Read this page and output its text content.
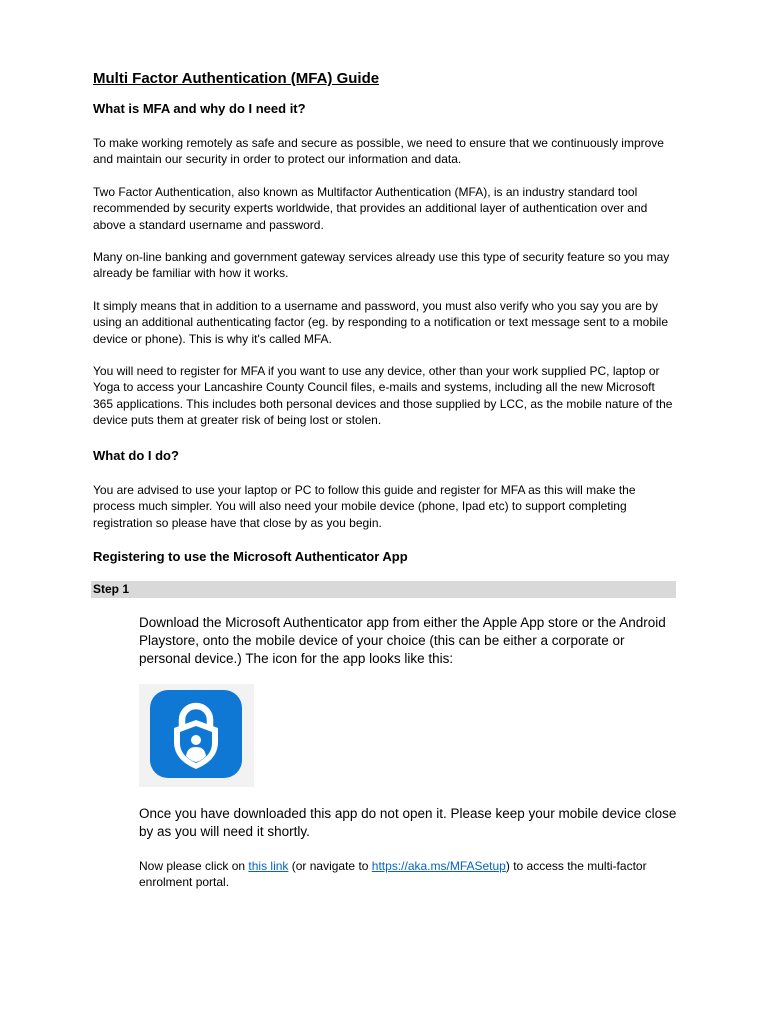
Multi Factor Authentication (MFA) Guide
What is MFA and why do I need it?

To make working remotely as safe and secure as possible, we need to ensure that we continuously improve and maintain our security in order to protect our information and data.

Two Factor Authentication, also known as Multifactor Authentication (MFA), is an industry standard tool recommended by security experts worldwide, that provides an additional layer of authentication over and above a standard username and password.

Many on-line banking and government gateway services already use this type of security feature so you may already be familiar with how it works.

It simply means that in addition to a username and password, you must also verify who you say you are by using an additional authenticating factor (eg. by responding to a notification or text message sent to a mobile device or phone). This is why it's called MFA.

You will need to register for MFA if you want to use any device, other than your work supplied PC, laptop or Yoga to access your Lancashire County Council files, e-mails and systems, including all the new Microsoft 365 applications. This includes both personal devices and those supplied by LCC, as the mobile nature of the device puts them at greater risk of being lost or stolen.

What do I do?

You are advised to use your laptop or PC to follow this guide and register for MFA as this will make the process much simpler. You will also need your mobile device (phone, Ipad etc) to support completing registration so please have that close by as you begin.

Registering to use the Microsoft Authenticator App
Step 1

Download the Microsoft Authenticator app from either the Apple App store or the Android Playstore, onto the mobile device of your choice (this can be either a corporate or personal device.) The icon for the app looks like this:

Once you have downloaded this app do not open it. Please keep your mobile device close by as you will need it shortly.

Now please click on this link (or navigate to https://aka.ms/MFASetup) to access the multi-factor enrolment portal.
